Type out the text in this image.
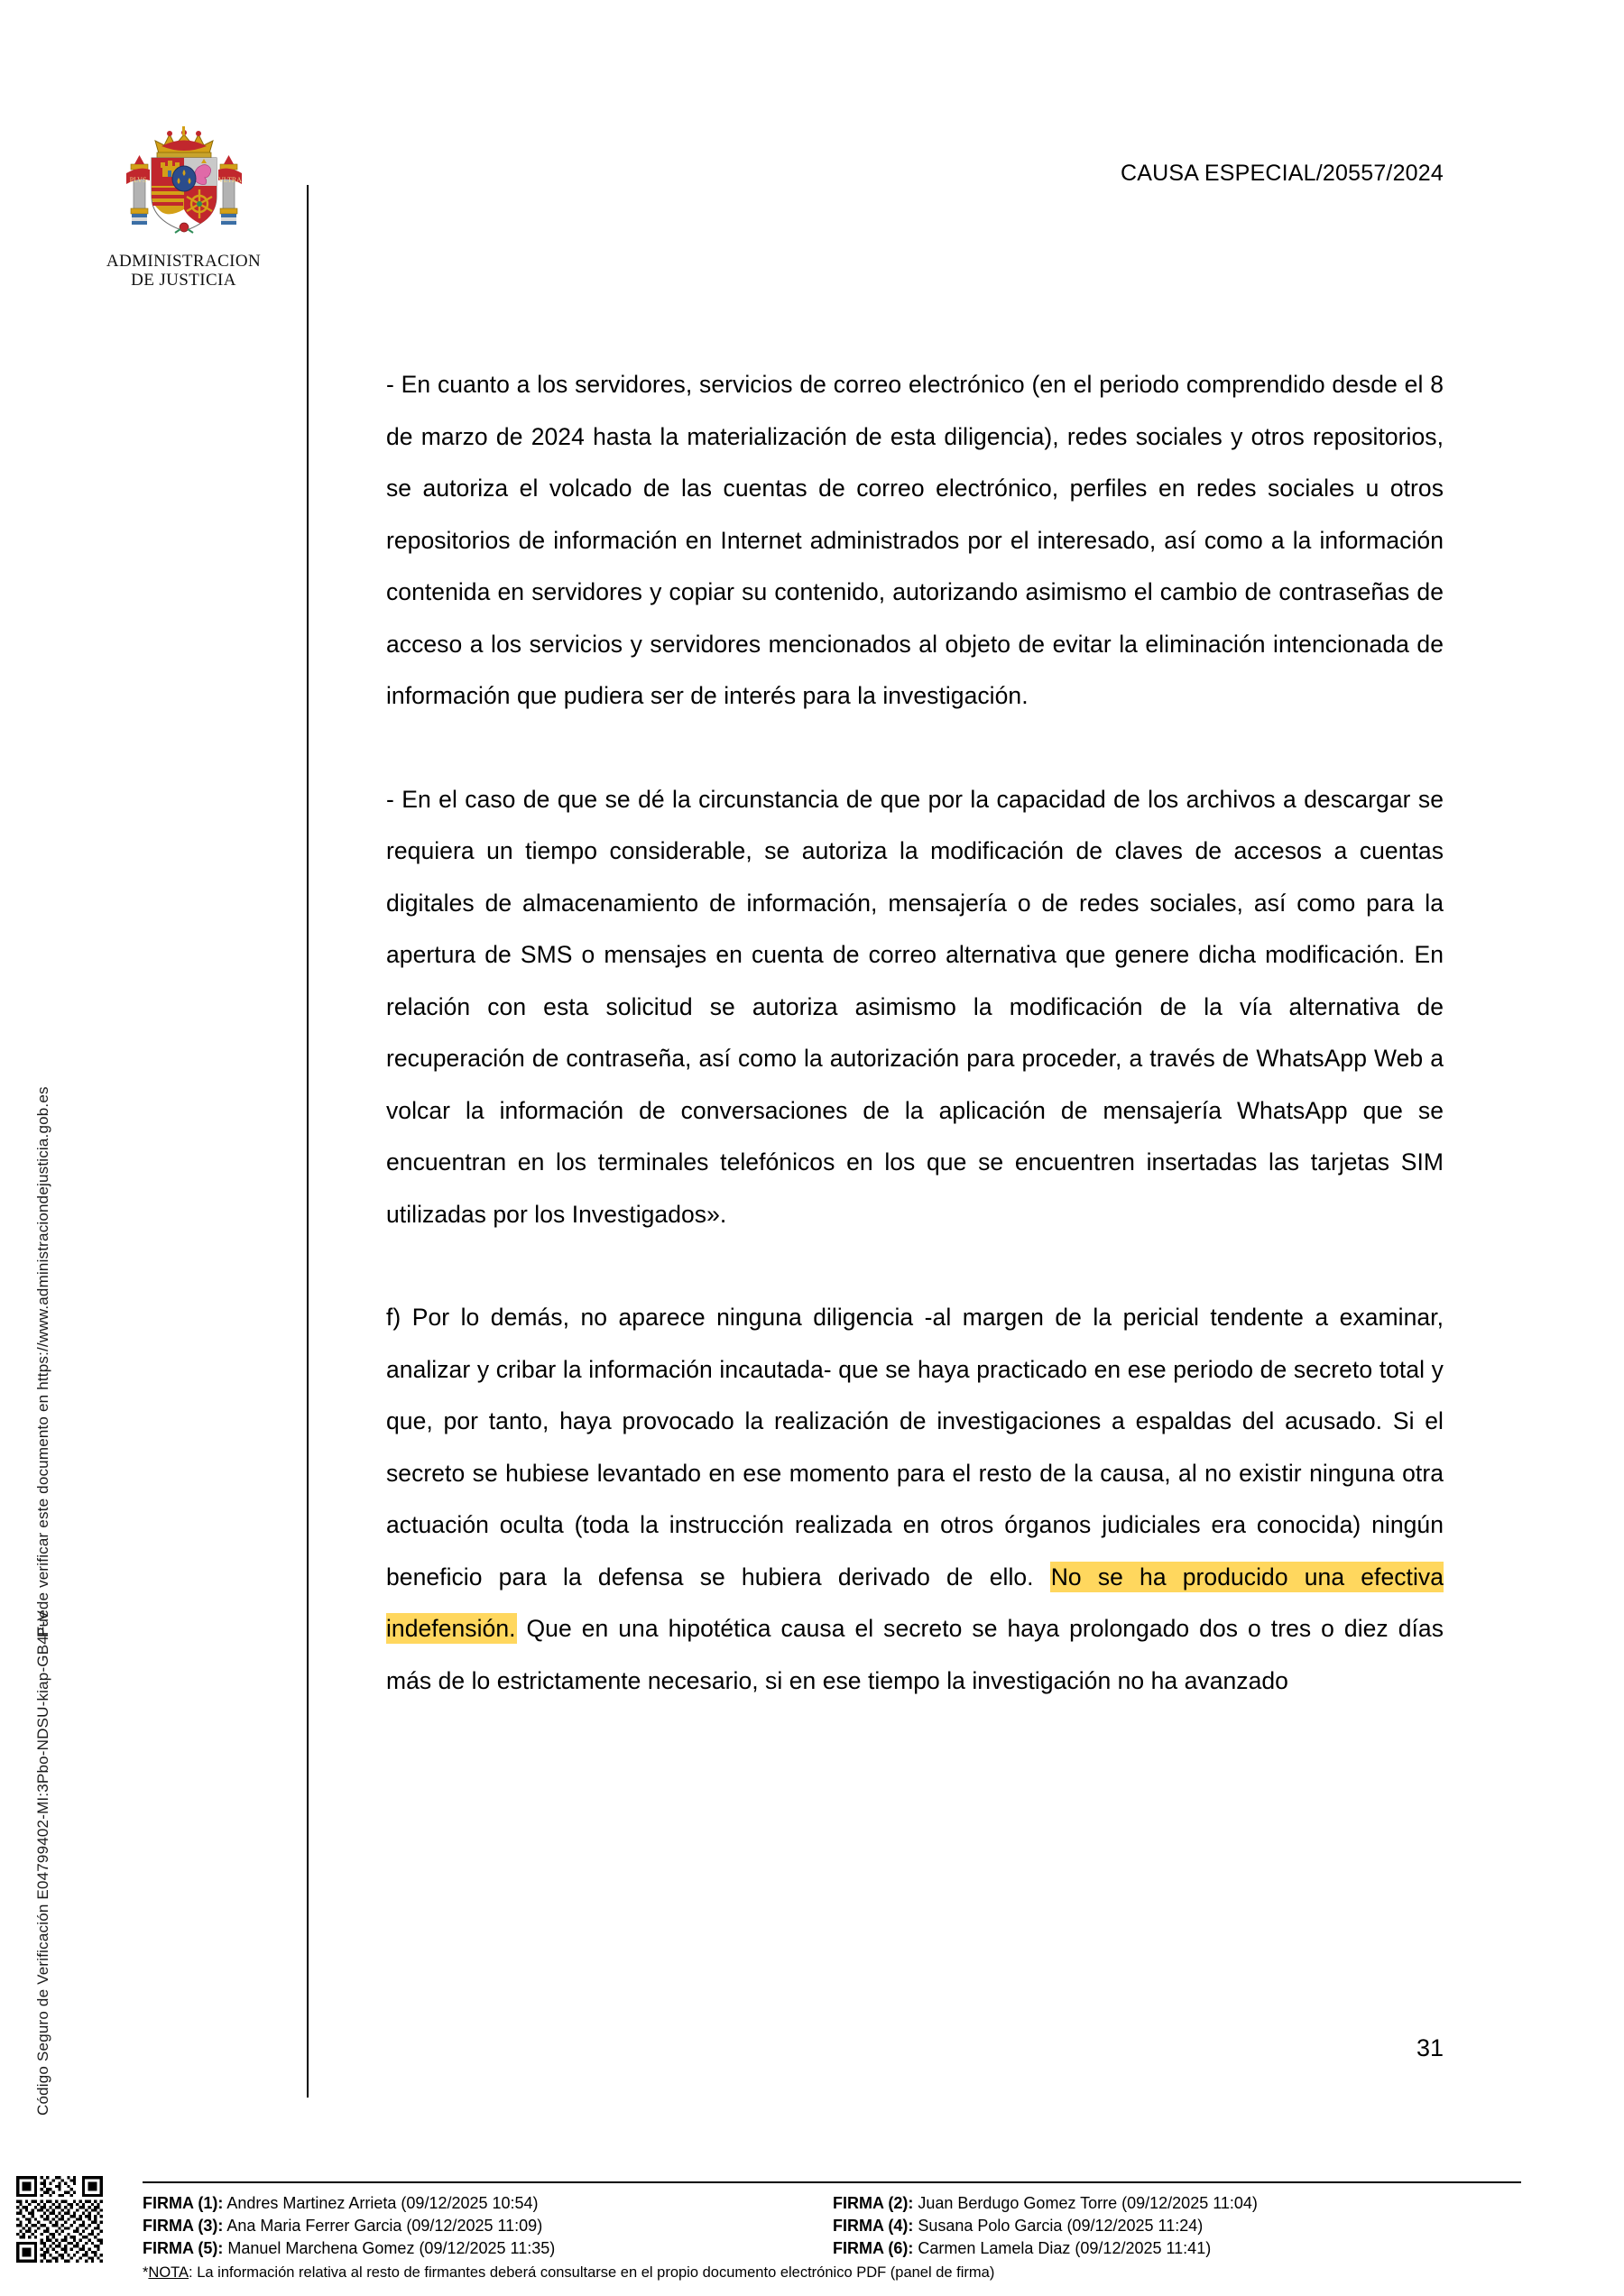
Puede verificar este documento en https://www.administraciondejusticia.gob.es
Código Seguro de Verificación E04799402-MI:3Pbo-NDSU-kiap-GB4F-V
PLVS	VLTRA
ADMINISTRACION
DE JUSTICIA
CAUSA ESPECIAL/20557/2024

- En cuanto a los servidores, servicios de correo electrónico (en el periodo comprendido desde el 8 de marzo de 2024 hasta la materialización de esta diligencia), redes sociales y otros repositorios, se autoriza el volcado de las cuentas de correo electrónico, perfiles en redes sociales u otros repositorios de información en Internet administrados por el interesado, así como a la información contenida en servidores y copiar su contenido, autorizando asimismo el cambio de contraseñas de acceso a los servicios y servidores mencionados al objeto de evitar la eliminación intencionada de información que pudiera ser de interés para la investigación.

- En el caso de que se dé la circunstancia de que por la capacidad de los archivos a descargar se requiera un tiempo considerable, se autoriza la modificación de claves de accesos a cuentas digitales de almacenamiento de información, mensajería o de redes sociales, así como para la apertura de SMS o mensajes en cuenta de correo alternativa que genere dicha modificación. En relación con esta solicitud se autoriza asimismo la modificación de la vía alternativa de recuperación de contraseña, así como la autorización para proceder, a través de WhatsApp Web a volcar la información de conversaciones de la aplicación de mensajería WhatsApp que se encuentran en los terminales telefónicos en los que se encuentren insertadas las tarjetas SIM utilizadas por los Investigados».

f) Por lo demás, no aparece ninguna diligencia -al margen de la pericial tendente a examinar, analizar y cribar la información incautada- que se haya practicado en ese periodo de secreto total y que, por tanto, haya provocado la realización de investigaciones a espaldas del acusado. Si el secreto se hubiese levantado en ese momento para el resto de la causa, al no existir ninguna otra actuación oculta (toda la instrucción realizada en otros órganos judiciales era conocida) ningún beneficio para la defensa se hubiera derivado de ello. No se ha producido una efectiva indefensión. Que en una hipotética causa el secreto se haya prolongado dos o tres o diez días más de lo estrictamente necesario, si en ese tiempo la investigación no ha avanzado

31
FIRMA (1): Andres Martinez Arrieta (09/12/2025 10:54)	FIRMA (2): Juan Berdugo Gomez Torre (09/12/2025 11:04)
FIRMA (3): Ana Maria Ferrer Garcia (09/12/2025 11:09)	FIRMA (4): Susana Polo Garcia (09/12/2025 11:24)
FIRMA (5): Manuel Marchena Gomez (09/12/2025 11:35)	FIRMA (6): Carmen Lamela Diaz (09/12/2025 11:41)
*NOTA: La información relativa al resto de firmantes deberá consultarse en el propio documento electrónico PDF (panel de firma)
